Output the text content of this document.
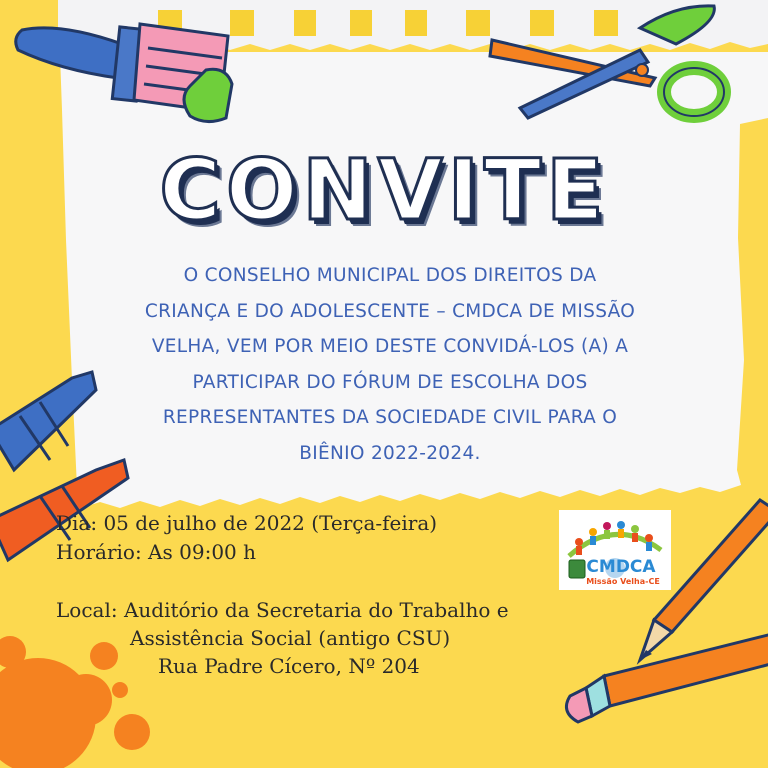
CONVITE

O CONSELHO MUNICIPAL DOS DIREITOS DA
CRIANÇA E DO ADOLESCENTE – CMDCA DE MISSÃO
VELHA, VEM POR MEIO DESTE CONVIDÁ-LOS (A) A
PARTICIPAR DO FÓRUM DE ESCOLHA DOS
REPRESENTANTES DA SOCIEDADE CIVIL PARA O
BIÊNIO 2022-2024.

Dia: 05 de julho de 2022 (Terça-feira)

Horário: As 09:00 h

Local: Auditório da Secretaria do Trabalho e

Assistência Social (antigo CSU)

Rua Padre Cícero, Nº 204

CMDCA
Missão Velha-CE
